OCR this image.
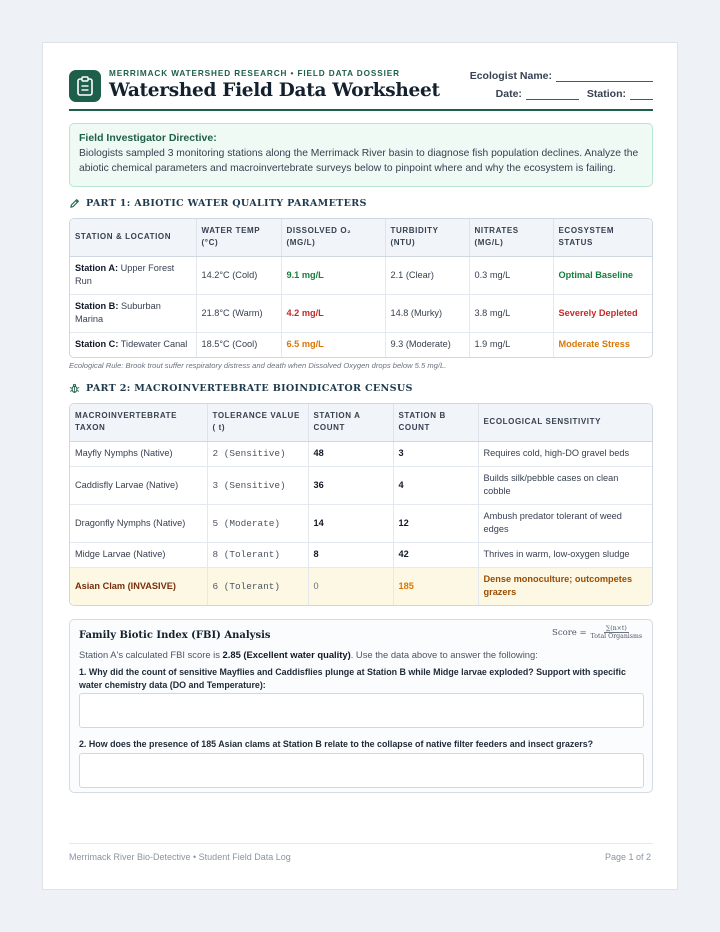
MERRIMACK WATERSHED RESEARCH • FIELD DATA DOSSIER
Watershed Field Data Worksheet
Ecologist Name:
Date:	Station:
Field Investigator Directive:
Biologists sampled 3 monitoring stations along the Merrimack River basin to diagnose fish population declines. Analyze the abiotic chemical parameters and macroinvertebrate surveys below to pinpoint where and why the ecosystem is failing.
PART 1: ABIOTIC WATER QUALITY PARAMETERS
STATION & LOCATION	WATER TEMP (°C)	DISSOLVED O₂ (MG/L)	TURBIDITY (NTU)	NITRATES (MG/L)	ECOSYSTEM STATUS
Station A: Upper Forest Run	14.2°C (Cold)	9.1 mg/L	2.1 (Clear)	0.3 mg/L	Optimal Baseline
Station B: Suburban Marina	21.8°C (Warm)	4.2 mg/L	14.8 (Murky)	3.8 mg/L	Severely Depleted
Station C: Tidewater Canal	18.5°C (Cool)	6.5 mg/L	9.3 (Moderate)	1.9 mg/L	Moderate Stress
Ecological Rule: Brook trout suffer respiratory distress and death when Dissolved Oxygen drops below 5.5 mg/L.
PART 2: MACROINVERTEBRATE BIOINDICATOR CENSUS
MACROINVERTEBRATE TAXON	TOLERANCE VALUE ( t)	STATION A COUNT	STATION B COUNT	ECOLOGICAL SENSITIVITY
Mayfly Nymphs (Native)	2 (Sensitive)	48	3	Requires cold, high-DO gravel beds
Caddisfly Larvae (Native)	3 (Sensitive)	36	4	Builds silk/pebble cases on clean cobble
Dragonfly Nymphs (Native)	5 (Moderate)	14	12	Ambush predator tolerant of weed edges
Midge Larvae (Native)	8 (Tolerant)	8	42	Thrives in warm, low-oxygen sludge
Asian Clam (INVASIVE)	6 (Tolerant)	0	185	Dense monoculture; outcompetes grazers
Family Biotic Index (FBI) Analysis	Score = $\frac{\sum(n\times t)}{\text{Total Organisms}}$
Station A's calculated FBI score is 2.85 (Excellent water quality). Use the data above to answer the following:
1. Why did the count of sensitive Mayflies and Caddisflies plunge at Station B while Midge larvae exploded? Support with specific water chemistry data (DO and Temperature):
2. How does the presence of 185 Asian clams at Station B relate to the collapse of native filter feeders and insect grazers?
Merrimack River Bio-Detective • Student Field Data Log	Page 1 of 2
